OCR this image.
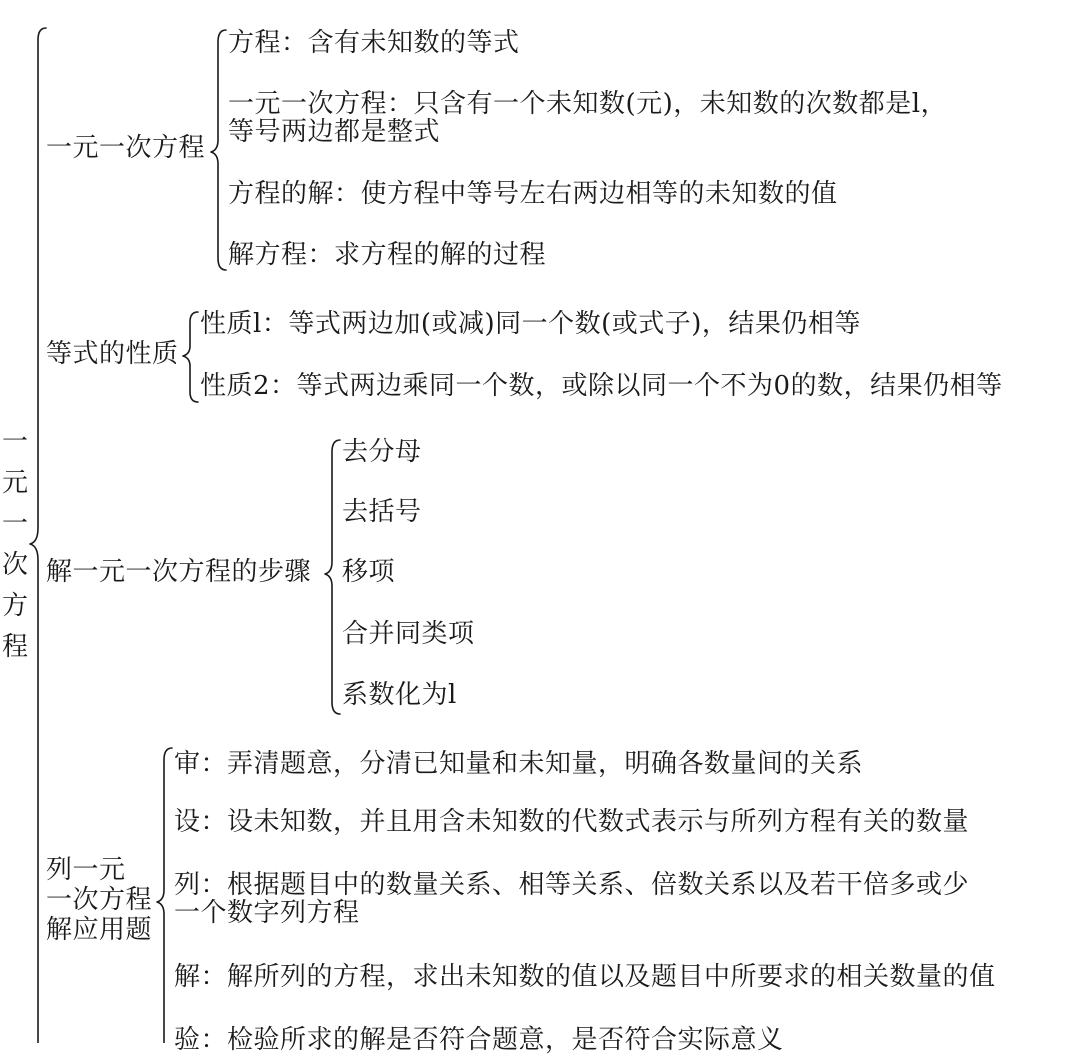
一
元
一
次
方
程
一元一次方程
方程：含有未知数的等式
一元一次方程：只含有一个未知数(元)，未知数的次数都是l，
等号两边都是整式
方程的解：使方程中等号左右两边相等的未知数的值
解方程：求方程的解的过程
等式的性质
性质l：等式两边加(或减)同一个数(或式子)，结果仍相等
性质2：等式两边乘同一个数，或除以同一个不为0的数，结果仍相等
解一元一次方程的步骤
去分母
去括号
移项
合并同类项
系数化为l
列一元
一次方程
解应用题
审：弄清题意，分清已知量和未知量，明确各数量间的关系
设：设未知数，并且用含未知数的代数式表示与所列方程有关的数量
列：根据题目中的数量关系、相等关系、倍数关系以及若干倍多或少
一个数字列方程
解：解所列的方程，求出未知数的值以及题目中所要求的相关数量的值
验：检验所求的解是否符合题意，是否符合实际意义
